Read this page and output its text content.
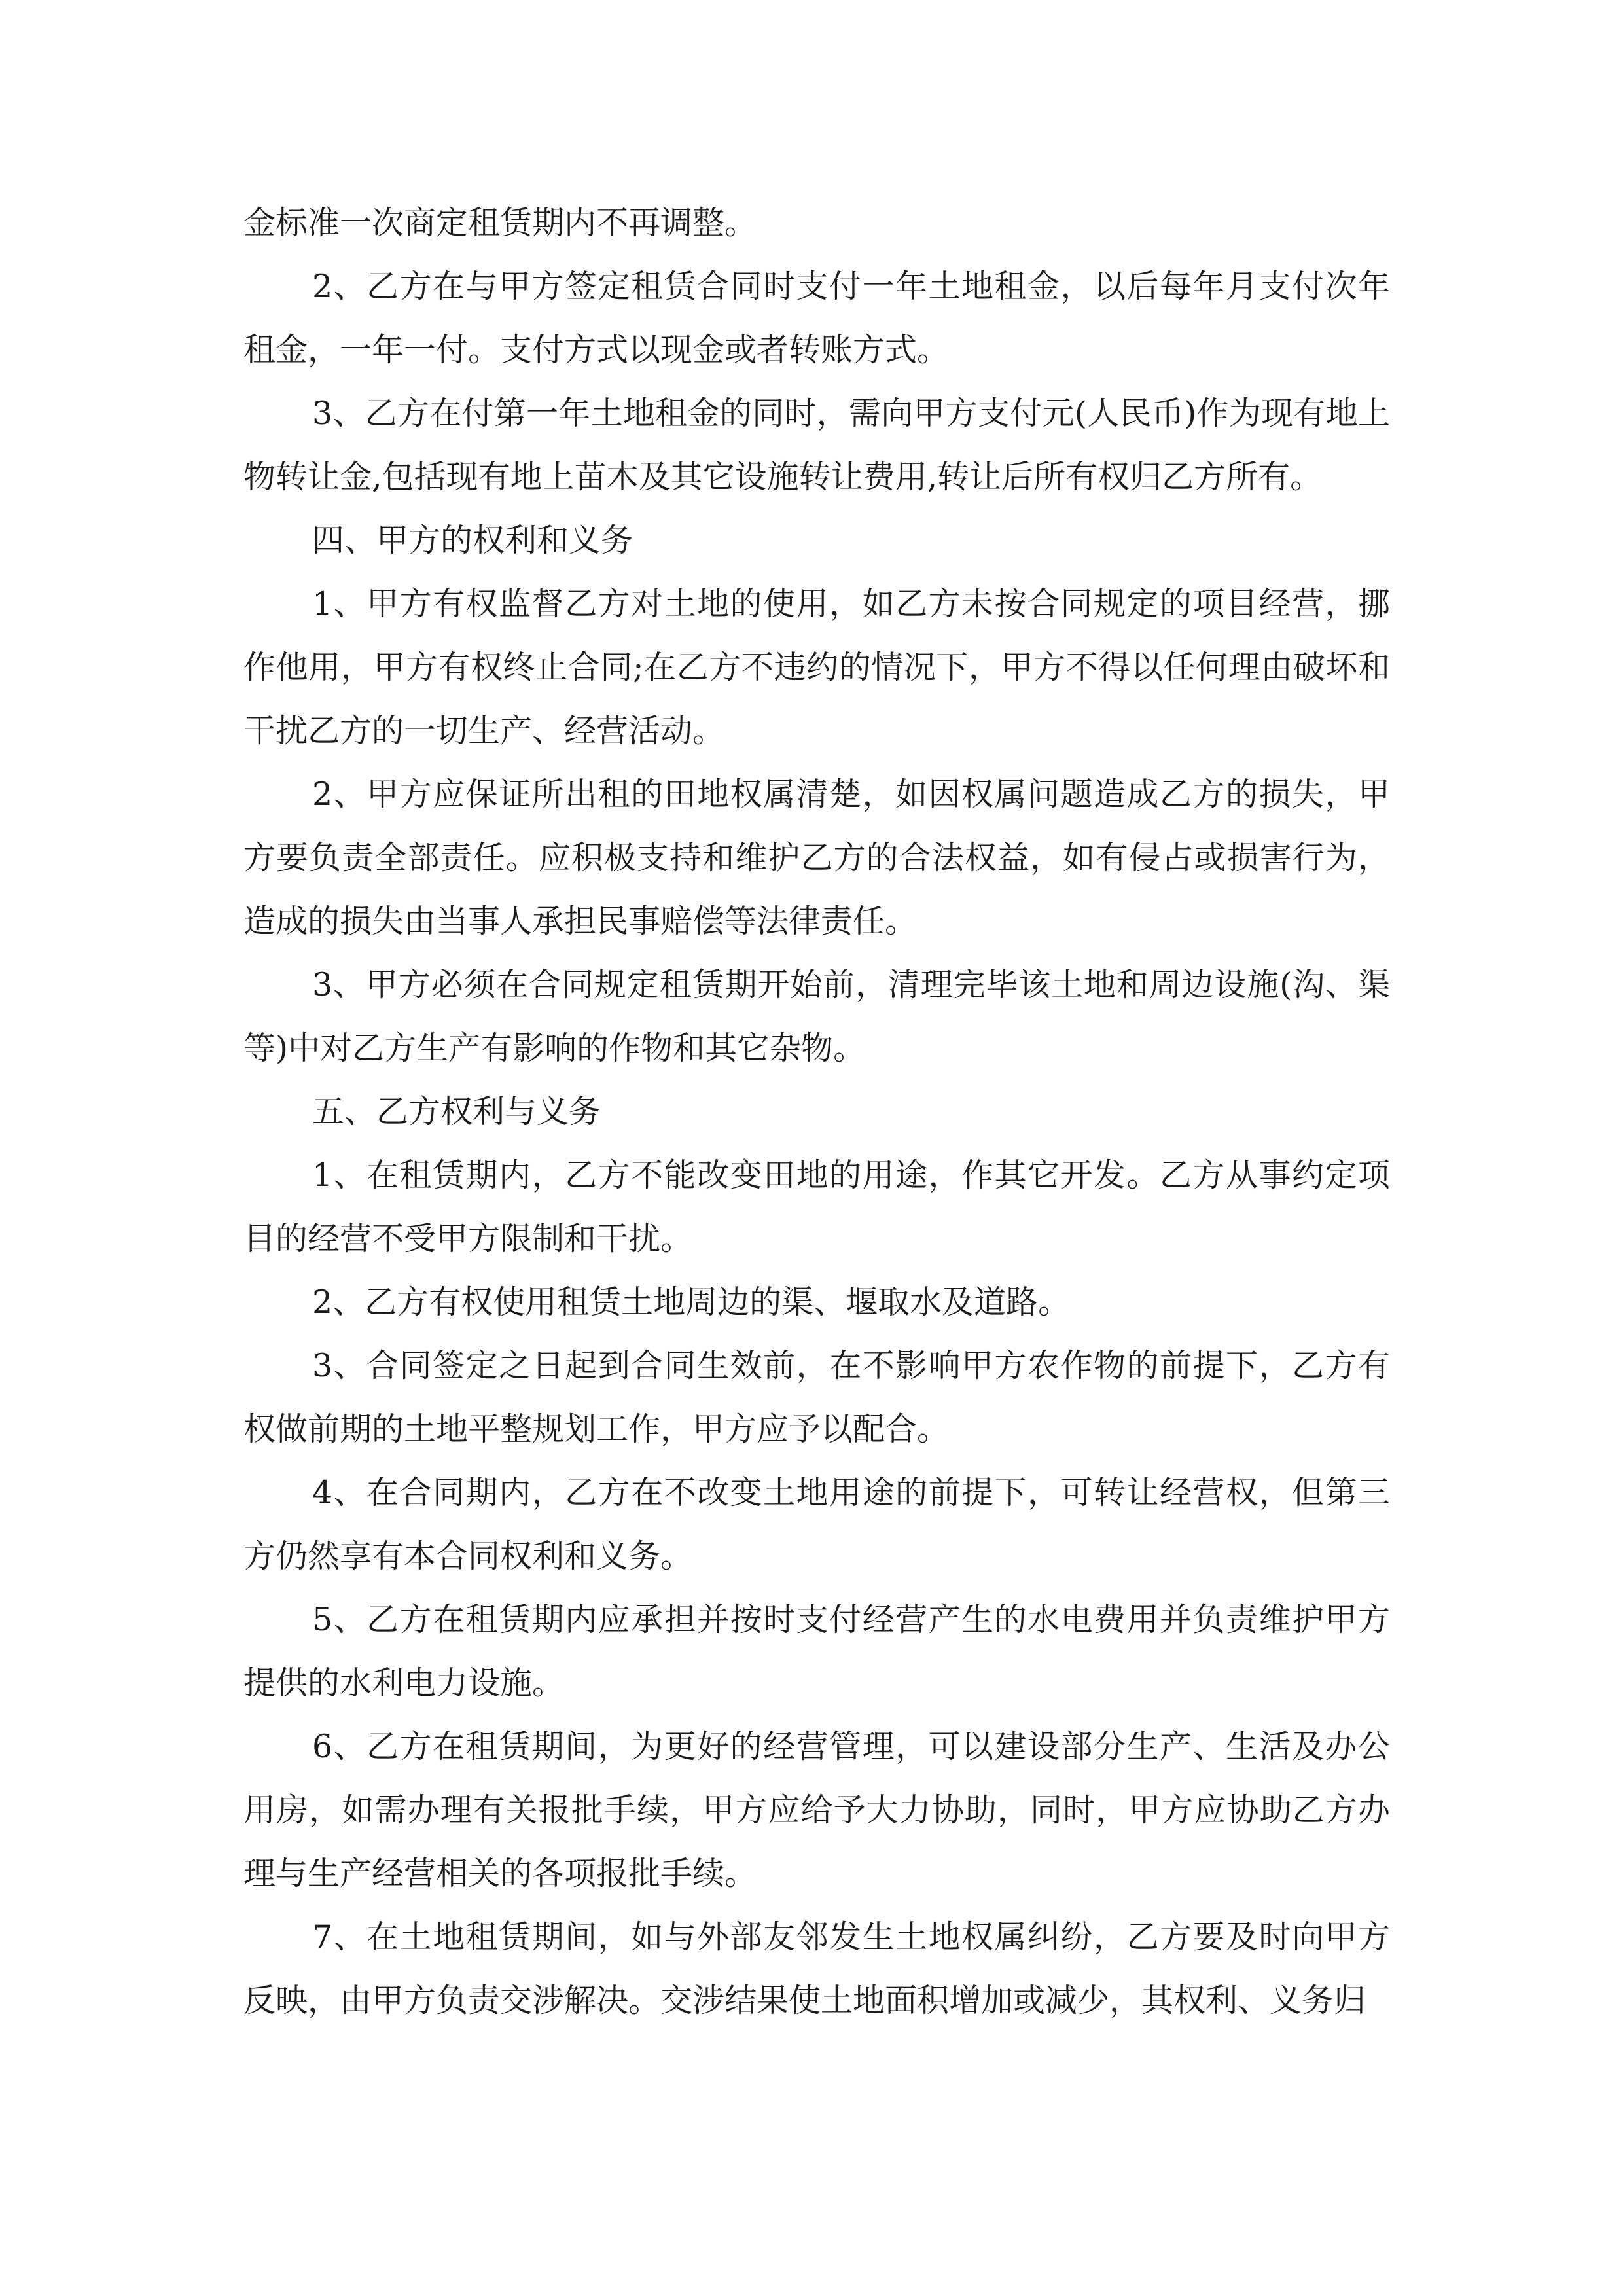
金标准一次商定租赁期内不再调整。

2、乙方在与甲方签定租赁合同时支付一年土地租金，以后每年月支付次年租金，一年一付。支付方式以现金或者转账方式。

3、乙方在付第一年土地租金的同时，需向甲方支付元(人民币)作为现有地上物转让金,包括现有地上苗木及其它设施转让费用,转让后所有权归乙方所有。

四、甲方的权利和义务

1、甲方有权监督乙方对土地的使用，如乙方未按合同规定的项目经营，挪作他用，甲方有权终止合同;在乙方不违约的情况下，甲方不得以任何理由破坏和干扰乙方的一切生产、经营活动。

2、甲方应保证所出租的田地权属清楚，如因权属问题造成乙方的损失，甲方要负责全部责任。应积极支持和维护乙方的合法权益，如有侵占或损害行为，造成的损失由当事人承担民事赔偿等法律责任。

3、甲方必须在合同规定租赁期开始前，清理完毕该土地和周边设施(沟、渠等)中对乙方生产有影响的作物和其它杂物。

五、乙方权利与义务

1、在租赁期内，乙方不能改变田地的用途，作其它开发。乙方从事约定项目的经营不受甲方限制和干扰。

2、乙方有权使用租赁土地周边的渠、堰取水及道路。

3、合同签定之日起到合同生效前，在不影响甲方农作物的前提下，乙方有权做前期的土地平整规划工作，甲方应予以配合。

4、在合同期内，乙方在不改变土地用途的前提下，可转让经营权，但第三方仍然享有本合同权利和义务。

5、乙方在租赁期内应承担并按时支付经营产生的水电费用并负责维护甲方提供的水利电力设施。

6、乙方在租赁期间，为更好的经营管理，可以建设部分生产、生活及办公用房，如需办理有关报批手续，甲方应给予大力协助，同时，甲方应协助乙方办理与生产经营相关的各项报批手续。

7、在土地租赁期间，如与外部友邻发生土地权属纠纷，乙方要及时向甲方反映，由甲方负责交涉解决。交涉结果使土地面积增加或减少，其权利、义务归
